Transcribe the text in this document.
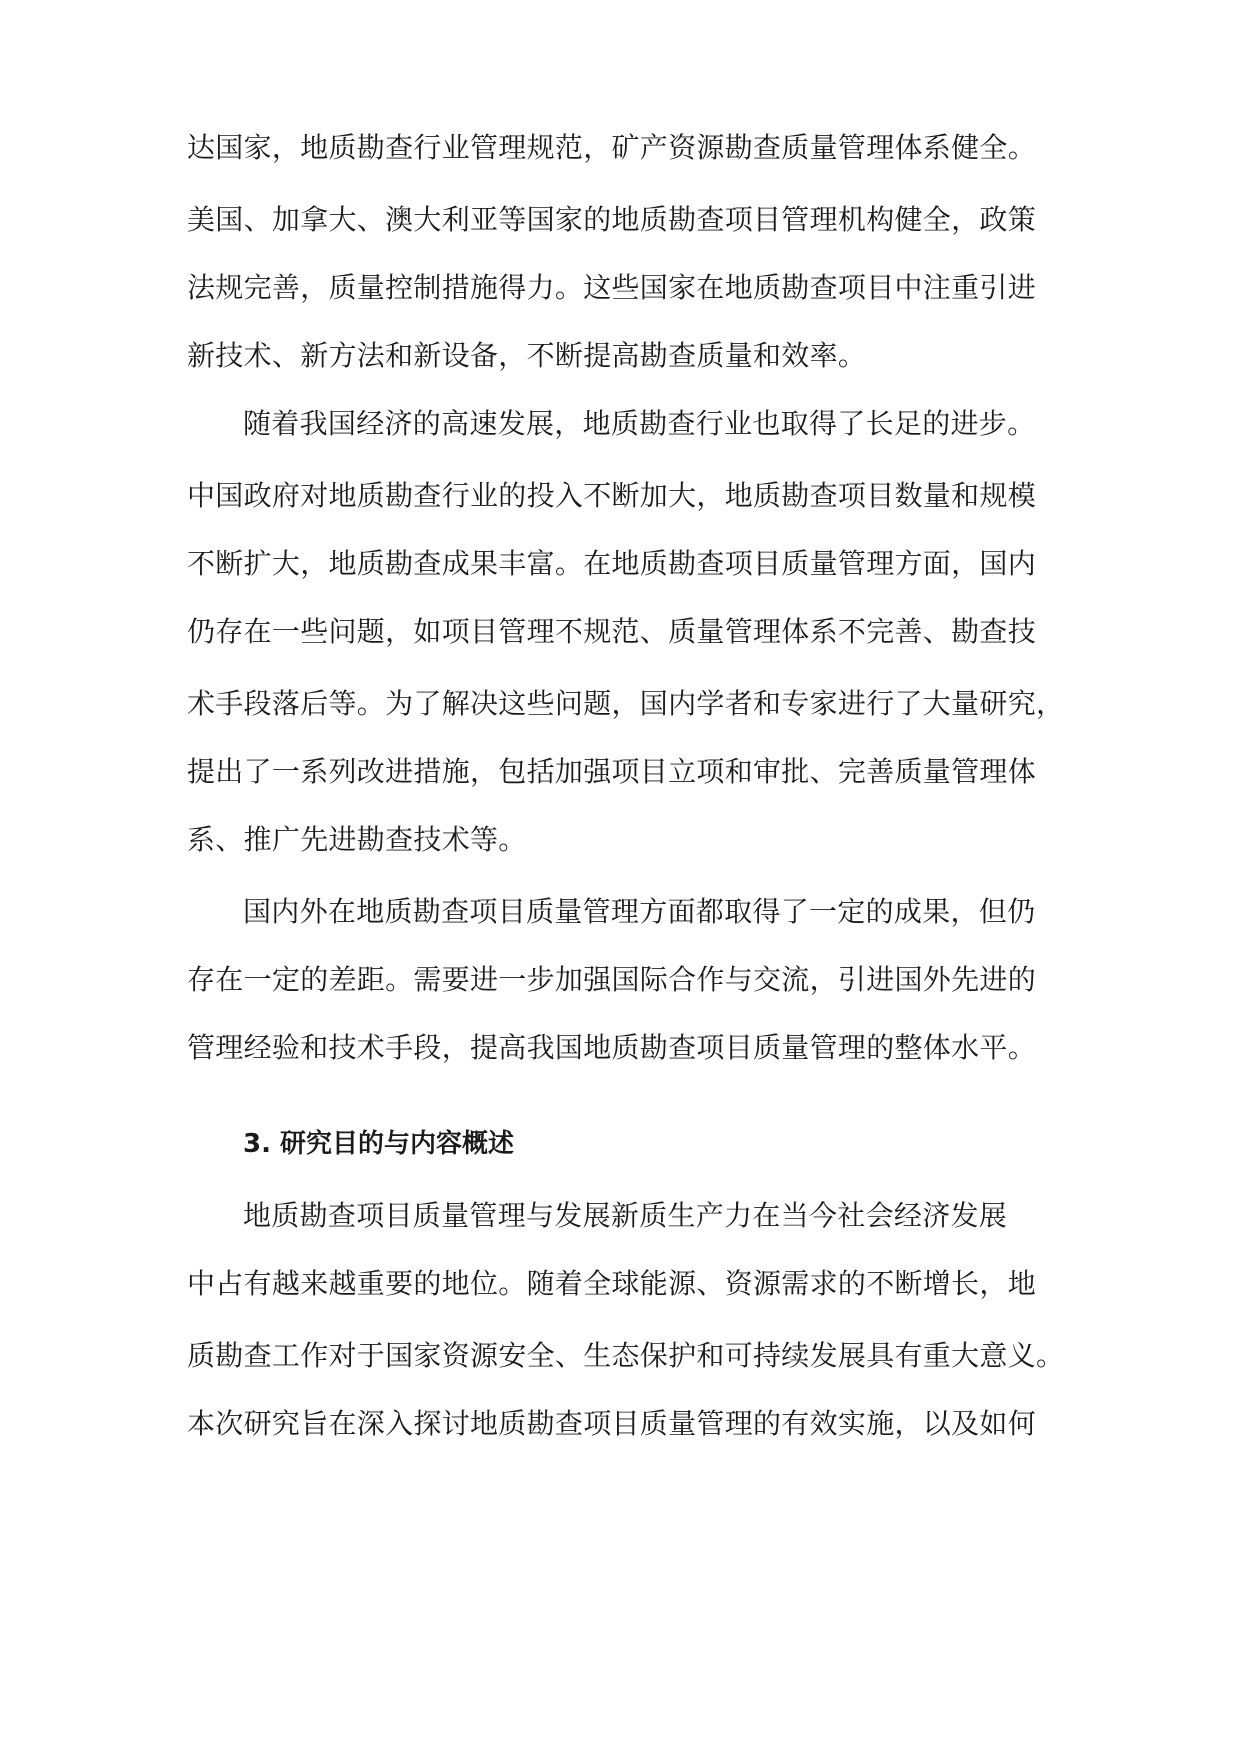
达国家，地质勘查行业管理规范，矿产资源勘查质量管理体系健全。

美国、加拿大、澳大利亚等国家的地质勘查项目管理机构健全，政策

法规完善，质量控制措施得力。这些国家在地质勘查项目中注重引进

新技术、新方法和新设备，不断提高勘查质量和效率。

随着我国经济的高速发展，地质勘查行业也取得了长足的进步。

中国政府对地质勘查行业的投入不断加大，地质勘查项目数量和规模

不断扩大，地质勘查成果丰富。在地质勘查项目质量管理方面，国内

仍存在一些问题，如项目管理不规范、质量管理体系不完善、勘查技

术手段落后等。为了解决这些问题，国内学者和专家进行了大量研究，

提出了一系列改进措施，包括加强项目立项和审批、完善质量管理体

系、推广先进勘查技术等。

国内外在地质勘查项目质量管理方面都取得了一定的成果，但仍

存在一定的差距。需要进一步加强国际合作与交流，引进国外先进的

管理经验和技术手段，提高我国地质勘查项目质量管理的整体水平。

3. 研究目的与内容概述

地质勘查项目质量管理与发展新质生产力在当今社会经济发展

中占有越来越重要的地位。随着全球能源、资源需求的不断增长，地

质勘查工作对于国家资源安全、生态保护和可持续发展具有重大意义。

本次研究旨在深入探讨地质勘查项目质量管理的有效实施，以及如何
